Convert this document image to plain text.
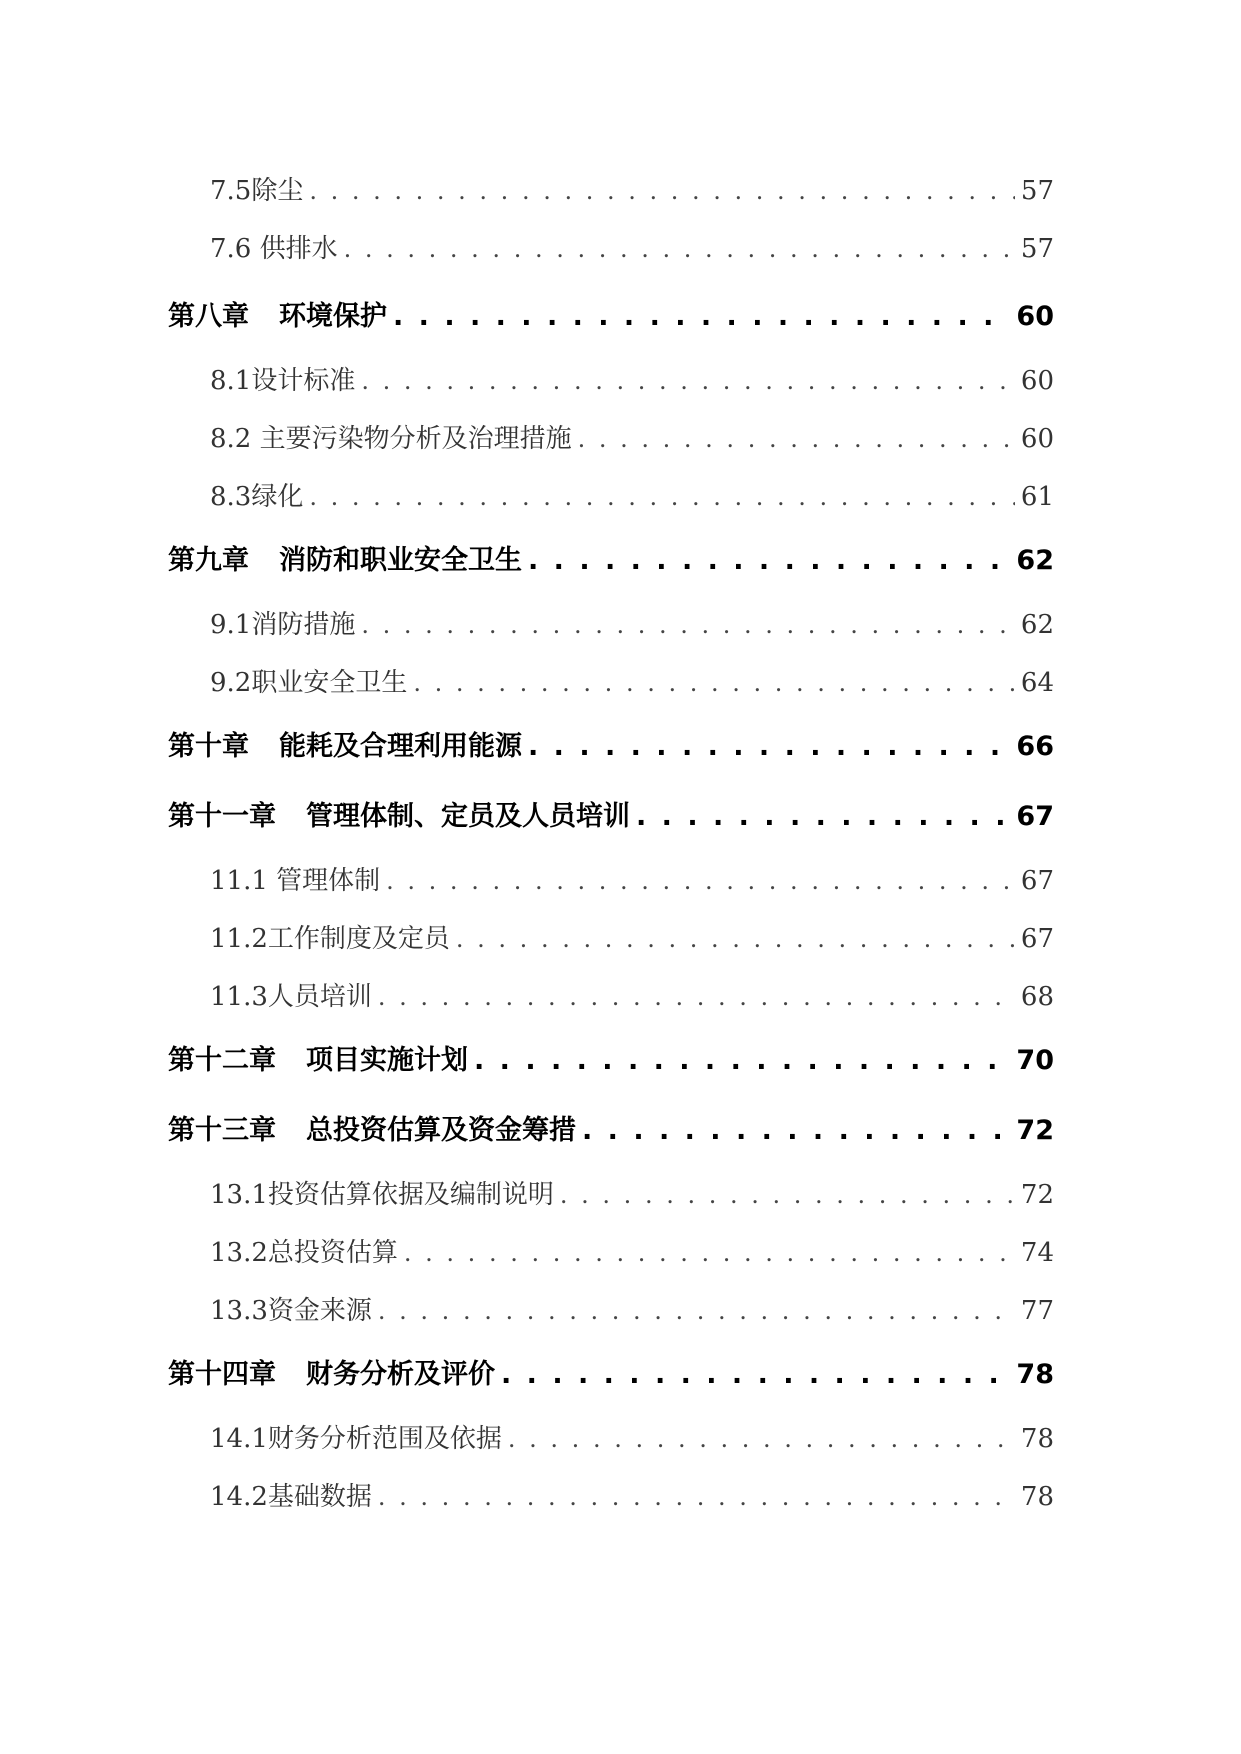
7.5除尘 . . .	57
7.6 供排水 . . .	57
第八章 环境保护 . . .	60
8.1设计标准 . . .	60
8.2 主要污染物分析及治理措施 . . .	60
8.3绿化 . . .	61
第九章 消防和职业安全卫生 . . .	62
9.1消防措施 . . .	62
9.2职业安全卫生 . . .	64
第十章 能耗及合理利用能源 . . .	66
第十一章 管理体制、定员及人员培训 . . .	67
11.1 管理体制 . . .	67
11.2工作制度及定员 . . .	67
11.3人员培训 . . .	68
第十二章 项目实施计划 . . .	70
第十三章 总投资估算及资金筹措 . . .	72
13.1投资估算依据及编制说明 . . .	72
13.2总投资估算 . . .	74
13.3资金来源 . . .	77
第十四章 财务分析及评价 . . .	78
14.1财务分析范围及依据 . . .	78
14.2基础数据 . . .	78
